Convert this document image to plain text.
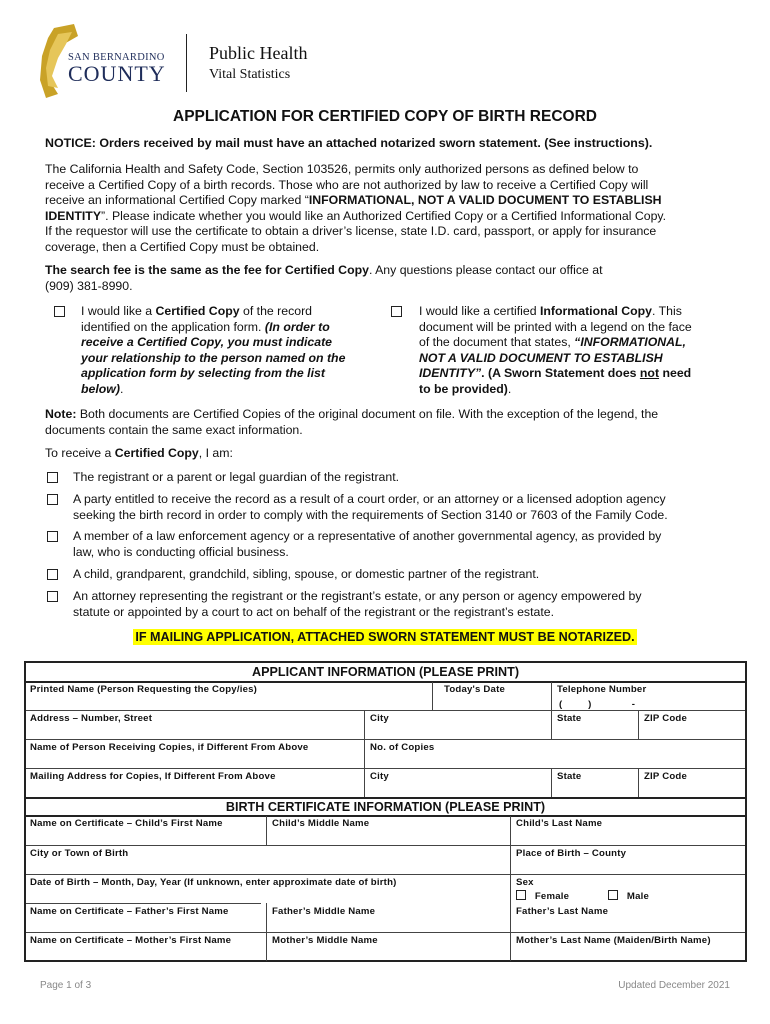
SAN BERNARDINO
COUNTY
Public Health
Vital Statistics
APPLICATION FOR CERTIFIED COPY OF BIRTH RECORD
NOTICE: Orders received by mail must have an attached notarized sworn statement. (See instructions).
The California Health and Safety Code, Section 103526, permits only authorized persons as defined below to
receive a Certified Copy of a birth records. Those who are not authorized by law to receive a Certified Copy will
receive an informational Certified Copy marked “INFORMATIONAL, NOT A VALID DOCUMENT TO ESTABLISH
IDENTITY”. Please indicate whether you would like an Authorized Certified Copy or a Certified Informational Copy.
If the requestor will use the certificate to obtain a driver’s license, state I.D. card, passport, or apply for insurance
coverage, then a Certified Copy must be obtained.
The search fee is the same as the fee for Certified Copy. Any questions please contact our office at
(909) 381-8990.
I would like a Certified Copy of the record
identified on the application form. (In order to
receive a Certified Copy, you must indicate
your relationship to the person named on the
application form by selecting from the list
below).
I would like a certified Informational Copy. This
document will be printed with a legend on the face
of the document that states, “INFORMATIONAL,
NOT A VALID DOCUMENT TO ESTABLISH
IDENTITY”. (A Sworn Statement does not need
to be provided).
Note: Both documents are Certified Copies of the original document on file. With the exception of the legend, the
documents contain the same exact information.
To receive a Certified Copy, I am:
The registrant or a parent or legal guardian of the registrant.
A party entitled to receive the record as a result of a court order, or an attorney or a licensed adoption agency
seeking the birth record in order to comply with the requirements of Section 3140 or 7603 of the Family Code.
A member of a law enforcement agency or a representative of another governmental agency, as provided by
law, who is conducting official business.
A child, grandparent, grandchild, sibling, spouse, or domestic partner of the registrant.
An attorney representing the registrant or the registrant’s estate, or any person or agency empowered by
statute or appointed by a court to act on behalf of the registrant or the registrant’s estate.
IF MAILING APPLICATION, ATTACHED SWORN STATEMENT MUST BE NOTARIZED.
APPLICANT INFORMATION (PLEASE PRINT)
Printed Name (Person Requesting the Copy/ies)	Today's Date	Telephone Number
(         )              -
Address – Number, Street	City	State	ZIP Code
Name of Person Receiving Copies, if Different From Above	No. of Copies
Mailing Address for Copies, If Different From Above	City	State	ZIP Code
BIRTH CERTIFICATE INFORMATION (PLEASE PRINT)
Name on Certificate – Child’s First Name	Child’s Middle Name	Child’s Last Name
City or Town of Birth	Place of Birth – County
Date of Birth – Month, Day, Year (If unknown, enter approximate date of birth)	Sex
Female	Male
Name on Certificate – Father’s First Name	Father’s Middle Name	Father’s Last Name
Name on Certificate – Mother’s First Name	Mother’s Middle Name	Mother’s Last Name (Maiden/Birth Name)
Page 1 of 3	Updated December 2021
